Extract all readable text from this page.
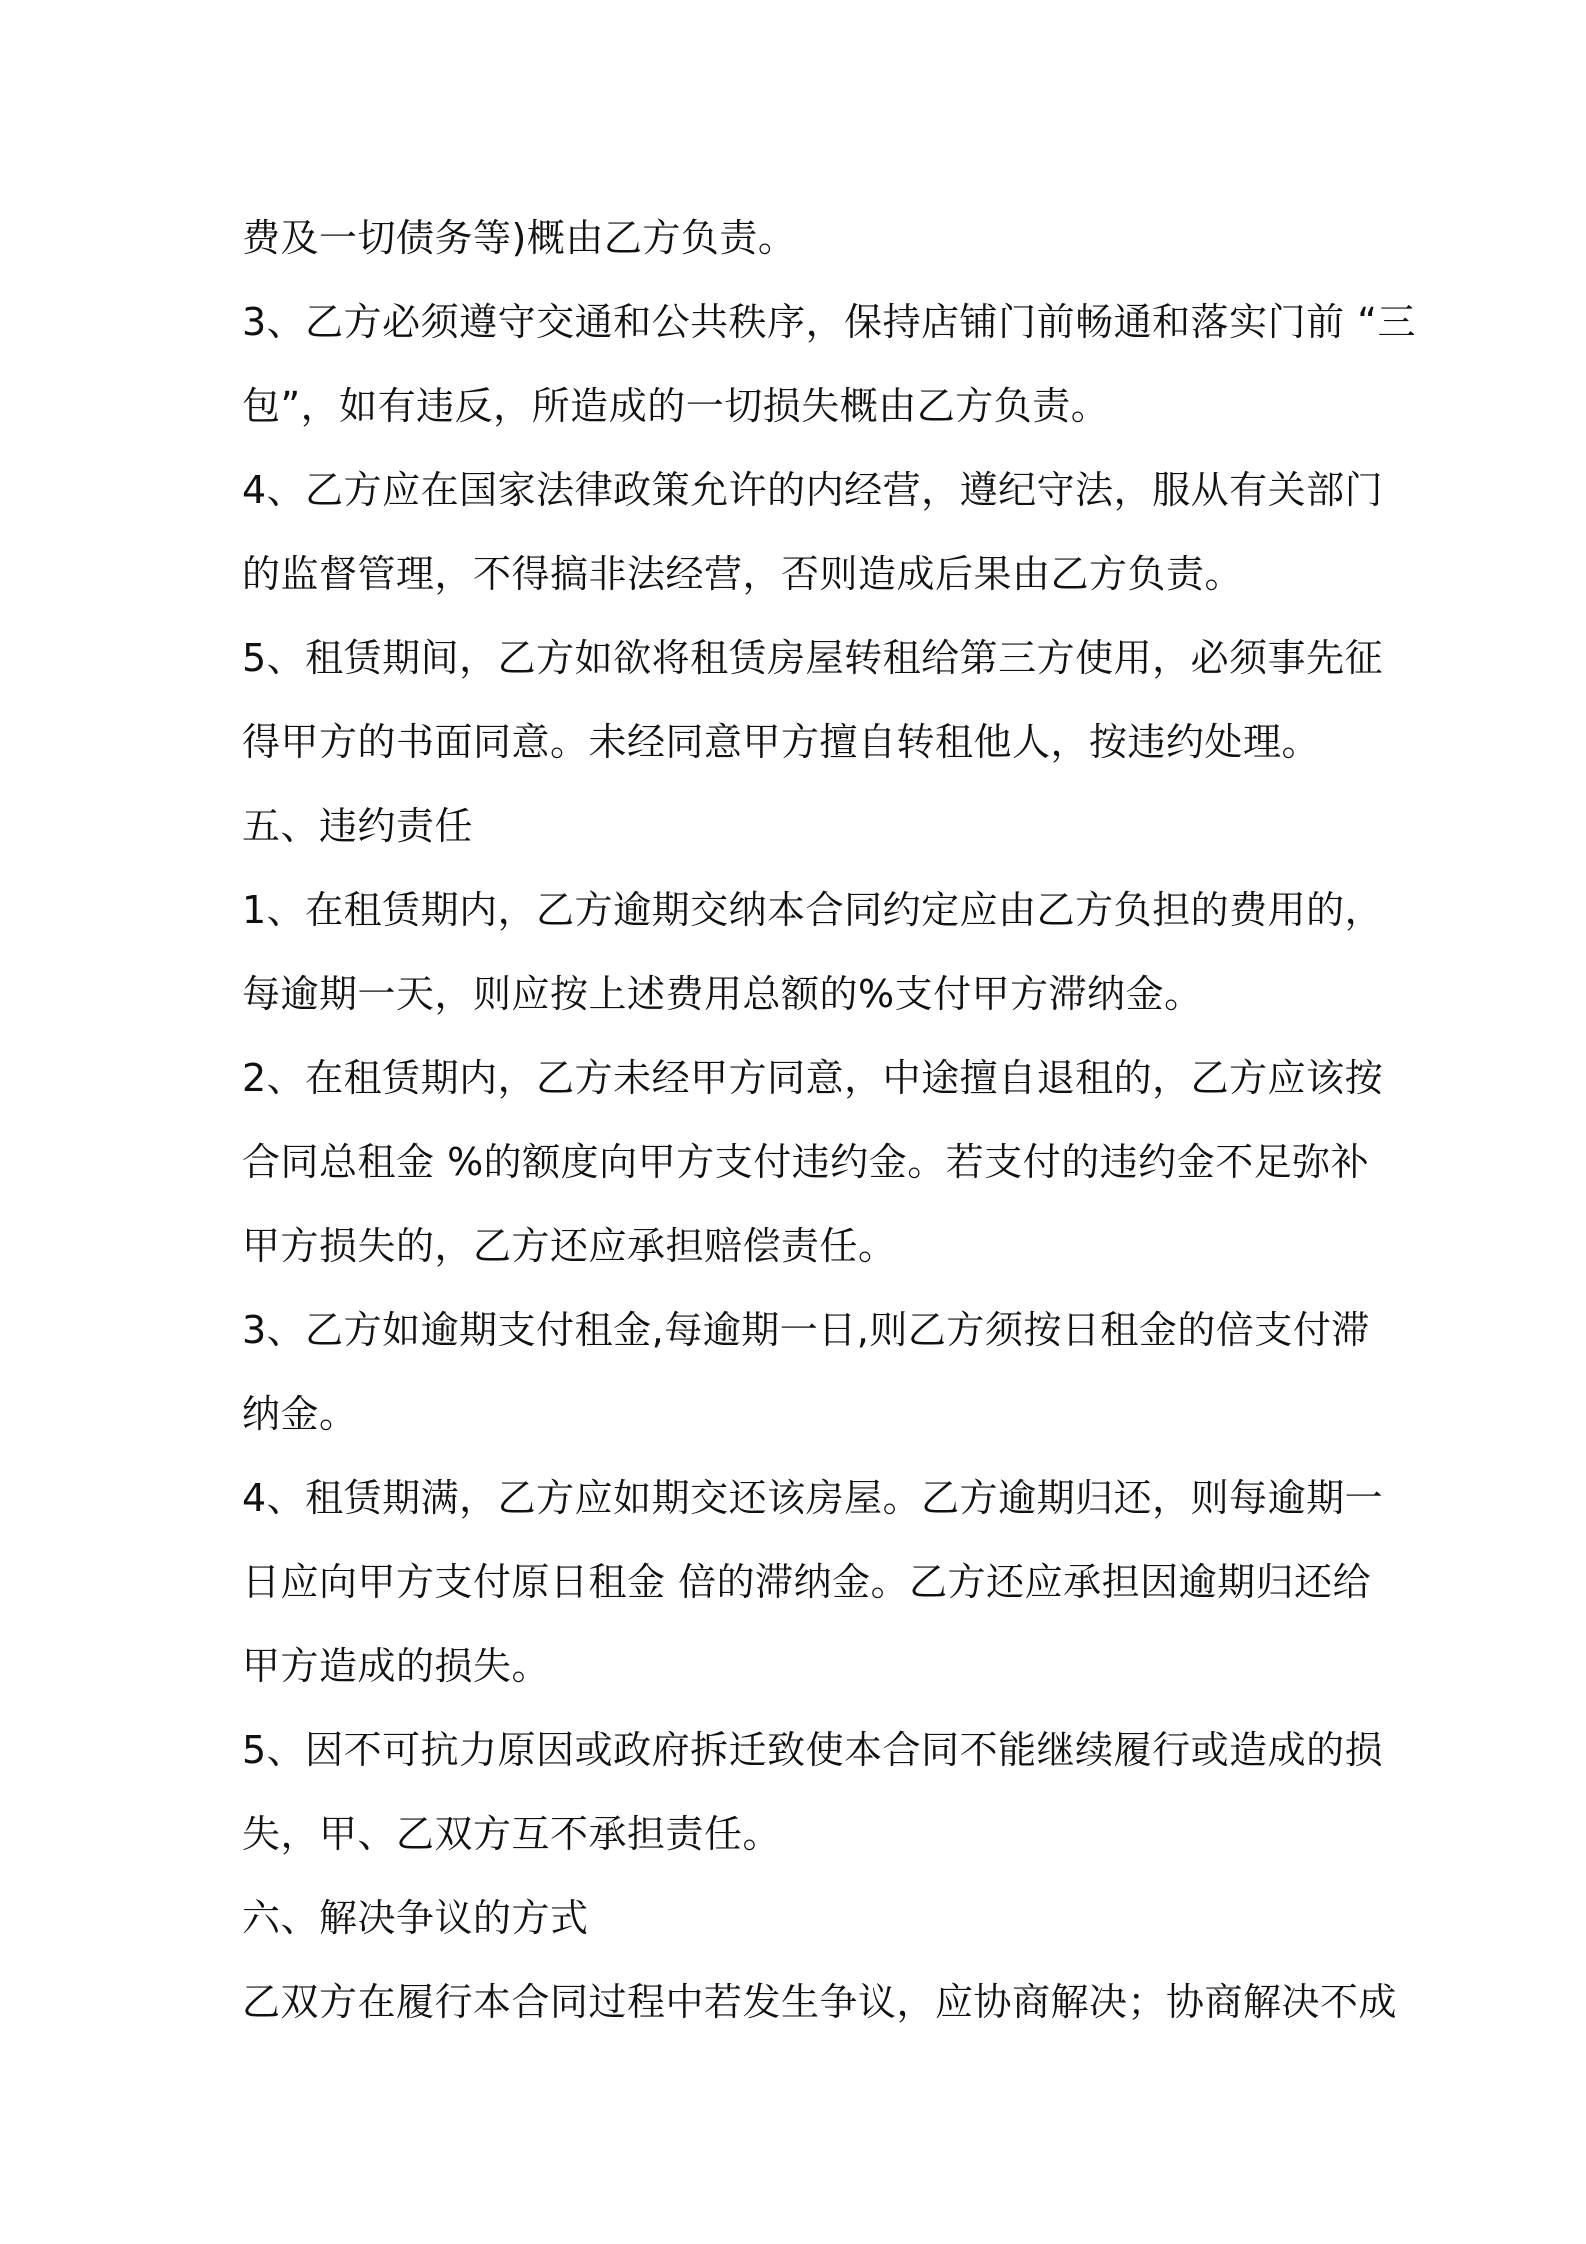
费及一切债务等)概由乙方负责。
3、乙方必须遵守交通和公共秩序，保持店铺门前畅通和落实门前 “三
包”，如有违反，所造成的一切损失概由乙方负责。
4、乙方应在国家法律政策允许的内经营，遵纪守法，服从有关部门
的监督管理，不得搞非法经营，否则造成后果由乙方负责。
5、租赁期间，乙方如欲将租赁房屋转租给第三方使用，必须事先征
得甲方的书面同意。未经同意甲方擅自转租他人，按违约处理。
五、违约责任
1、在租赁期内，乙方逾期交纳本合同约定应由乙方负担的费用的，
每逾期一天，则应按上述费用总额的%支付甲方滞纳金。
2、在租赁期内，乙方未经甲方同意，中途擅自退租的，乙方应该按
合同总租金 %的额度向甲方支付违约金。若支付的违约金不足弥补
甲方损失的，乙方还应承担赔偿责任。
3、乙方如逾期支付租金,每逾期一日,则乙方须按日租金的倍支付滞
纳金。
4、租赁期满，乙方应如期交还该房屋。乙方逾期归还，则每逾期一
日应向甲方支付原日租金 倍的滞纳金。乙方还应承担因逾期归还给
甲方造成的损失。
5、因不可抗力原因或政府拆迁致使本合同不能继续履行或造成的损
失，甲、乙双方互不承担责任。
六、解决争议的方式
乙双方在履行本合同过程中若发生争议，应协商解决；协商解决不成
